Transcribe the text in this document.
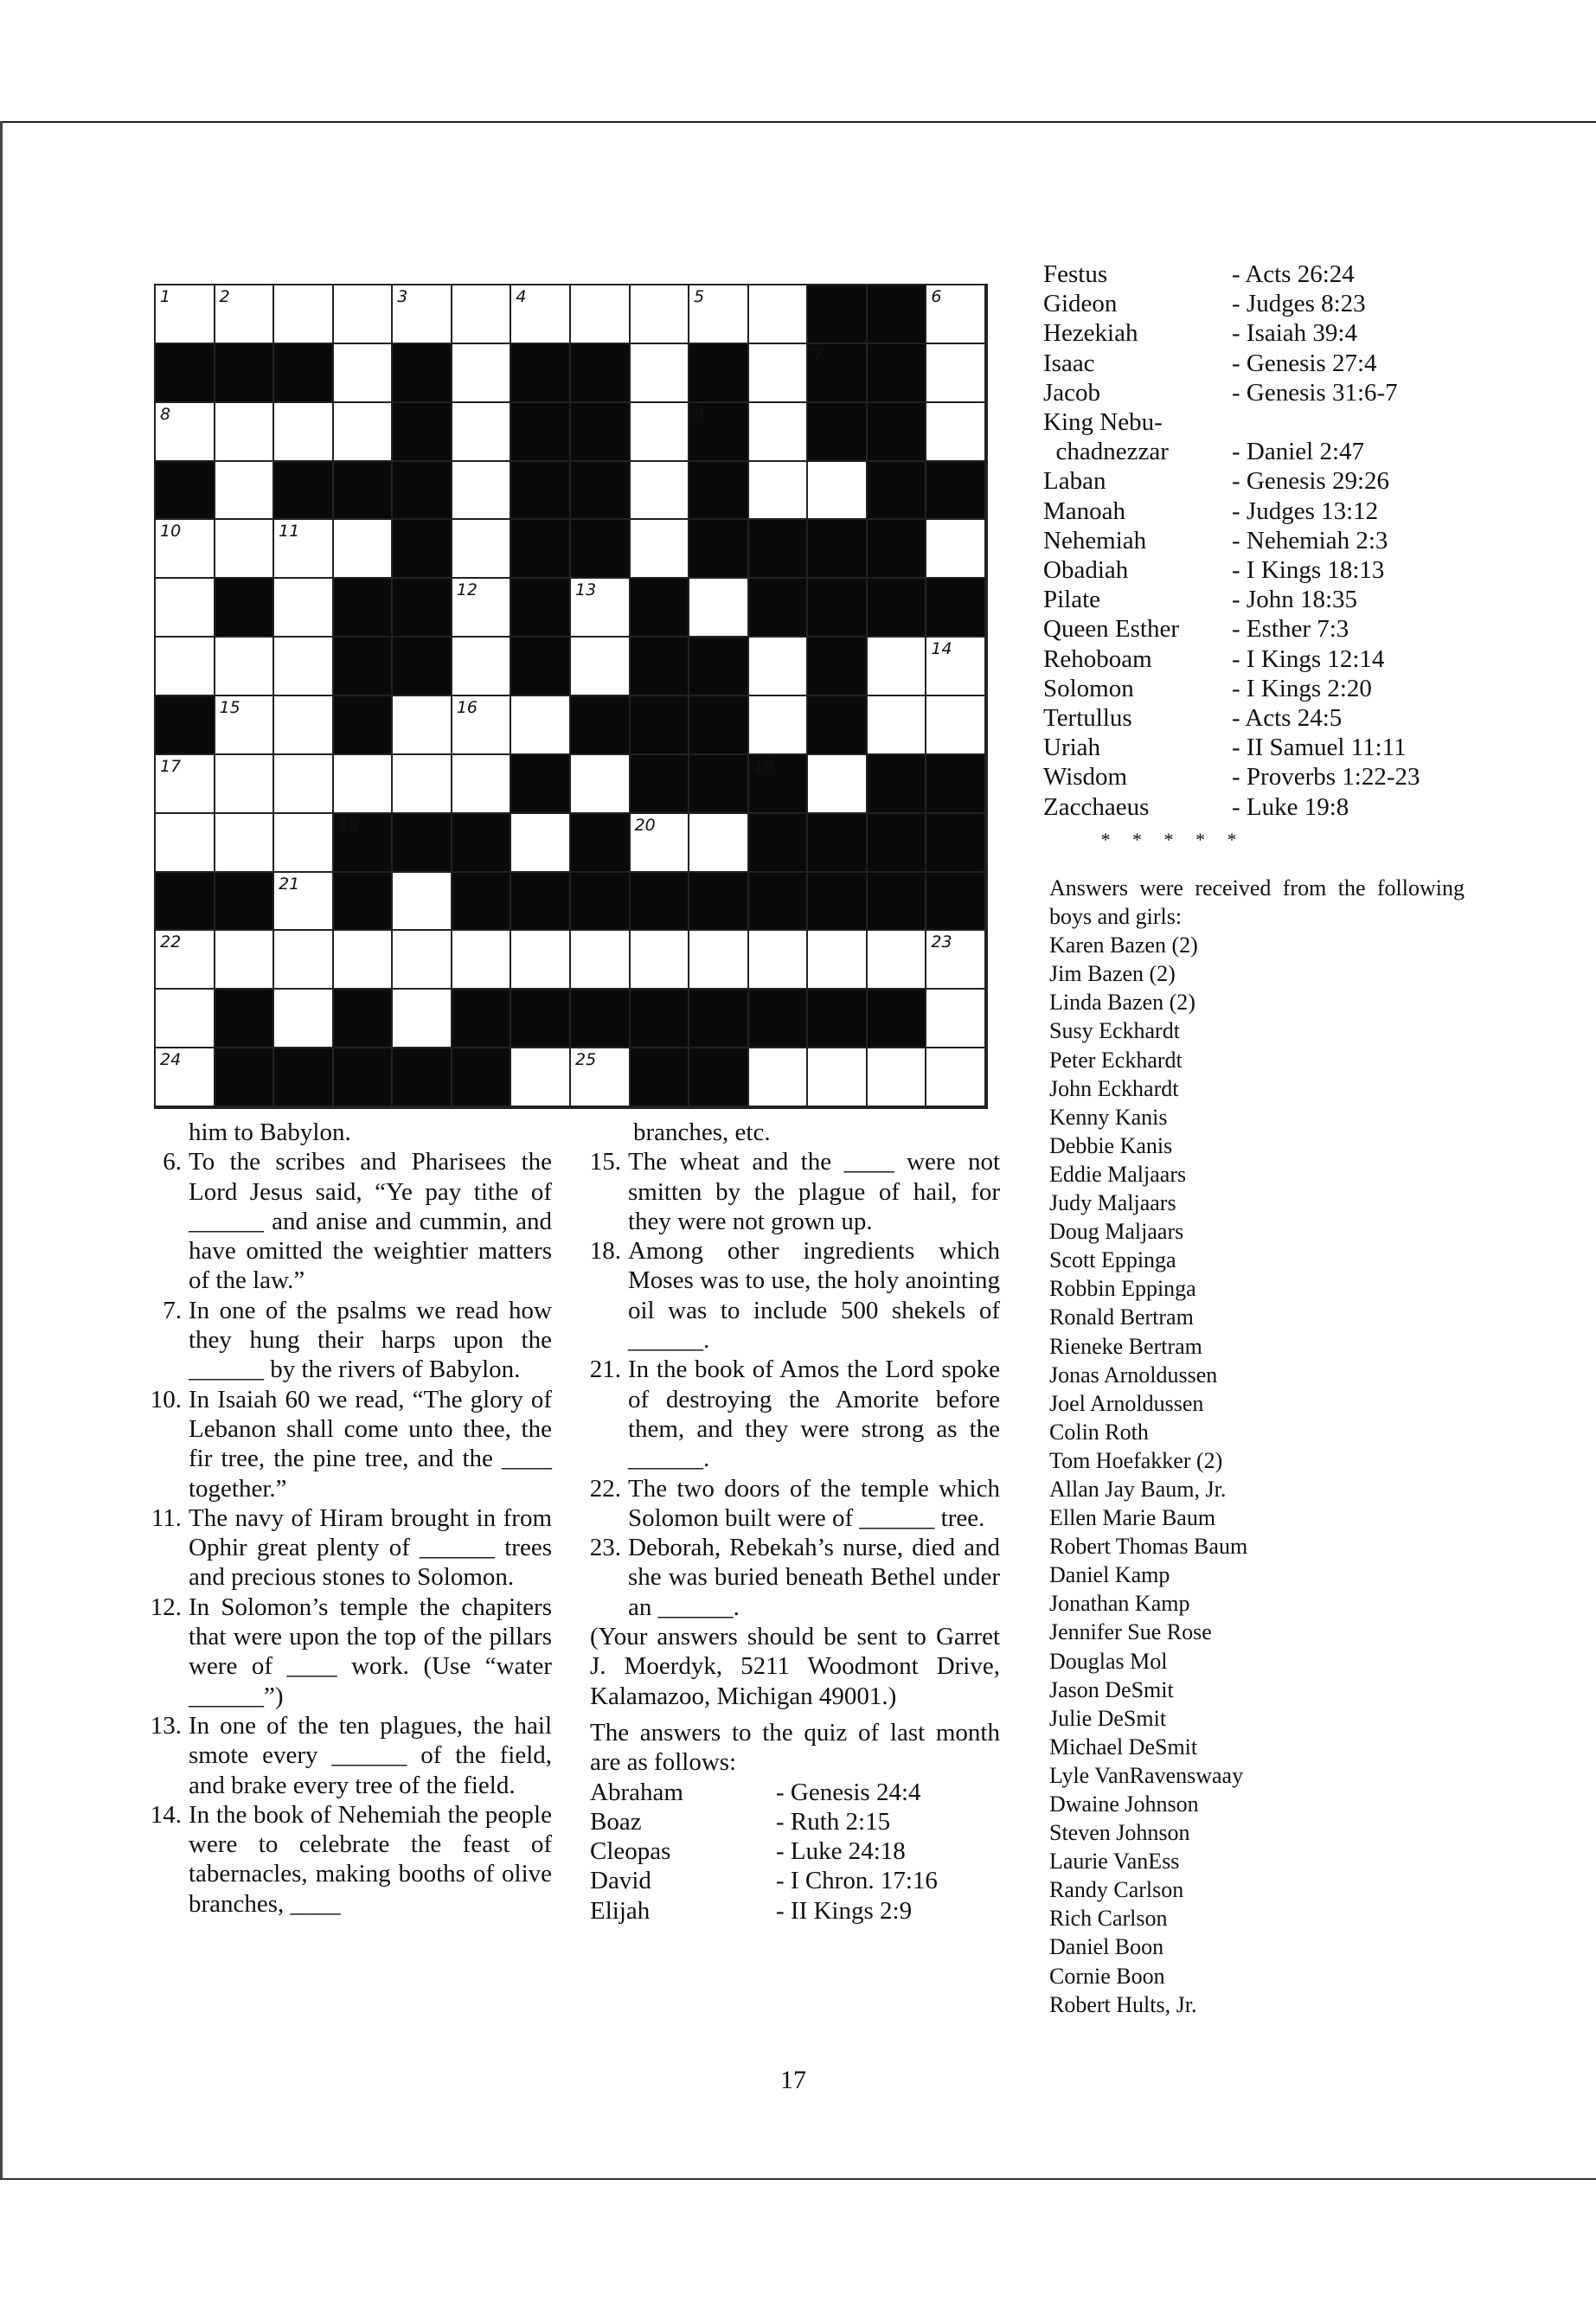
1	2	3	4	5	6
7
8	9
10	11
12	13
14
15	16
17	18
19	20
21
22	23
24	25
him to Babylon.
6. To the scribes and Pharisees the Lord Jesus said, “Ye pay tithe of ______ and anise and cummin, and have omitted the weightier matters of the law.”
7. In one of the psalms we read how they hung their harps upon the ______ by the rivers of Babylon.
10. In Isaiah 60 we read, “The glory of Lebanon shall come unto thee, the fir tree, the pine tree, and the ____ together.”
11. The navy of Hiram brought in from Ophir great plenty of ______ trees and precious stones to Solomon.
12. In Solomon’s temple the chapiters that were upon the top of the pillars were of ____ work. (Use “water ______”)
13. In one of the ten plagues, the hail smote every ______ of the field, and brake every tree of the field.
14. In the book of Nehemiah the people were to celebrate the feast of tabernacles, making booths of olive branches, ____
branches, etc.
15. The wheat and the ____ were not smitten by the plague of hail, for they were not grown up.
18. Among other ingredients which Moses was to use, the holy anointing oil was to include 500 shekels of ______.
21. In the book of Amos the Lord spoke of destroying the Amorite before them, and they were strong as the ______.
22. The two doors of the temple which Solomon built were of ______ tree.
23. Deborah, Rebekah’s nurse, died and she was buried beneath Bethel under an ______.
(Your answers should be sent to Garret J. Moerdyk, 5211 Woodmont Drive, Kalamazoo, Michigan 49001.)
The answers to the quiz of last month are as follows:
Abraham	- Genesis 24:4
Boaz	- Ruth 2:15
Cleopas	- Luke 24:18
David	- I Chron. 17:16
Elijah	- II Kings 2:9
Festus	- Acts 26:24
Gideon	- Judges 8:23
Hezekiah	- Isaiah 39:4
Isaac	- Genesis 27:4
Jacob	- Genesis 31:6-7
King Nebu-
chadnezzar	- Daniel 2:47
Laban	- Genesis 29:26
Manoah	- Judges 13:12
Nehemiah	- Nehemiah 2:3
Obadiah	- I Kings 18:13
Pilate	- John 18:35
Queen Esther	- Esther 7:3
Rehoboam	- I Kings 12:14
Solomon	- I Kings 2:20
Tertullus	- Acts 24:5
Uriah	- II Samuel 11:11
Wisdom	- Proverbs 1:22-23
Zacchaeus	- Luke 19:8
* * * * *
Answers were received from the following boys and girls:
Karen Bazen (2)
Jim Bazen (2)
Linda Bazen (2)
Susy Eckhardt
Peter Eckhardt
John Eckhardt
Kenny Kanis
Debbie Kanis
Eddie Maljaars
Judy Maljaars
Doug Maljaars
Scott Eppinga
Robbin Eppinga
Ronald Bertram
Rieneke Bertram
Jonas Arnoldussen
Joel Arnoldussen
Colin Roth
Tom Hoefakker (2)
Allan Jay Baum, Jr.
Ellen Marie Baum
Robert Thomas Baum
Daniel Kamp
Jonathan Kamp
Jennifer Sue Rose
Douglas Mol
Jason DeSmit
Julie DeSmit
Michael DeSmit
Lyle VanRavenswaay
Dwaine Johnson
Steven Johnson
Laurie VanEss
Randy Carlson
Rich Carlson
Daniel Boon
Cornie Boon
Robert Hults, Jr.
17
